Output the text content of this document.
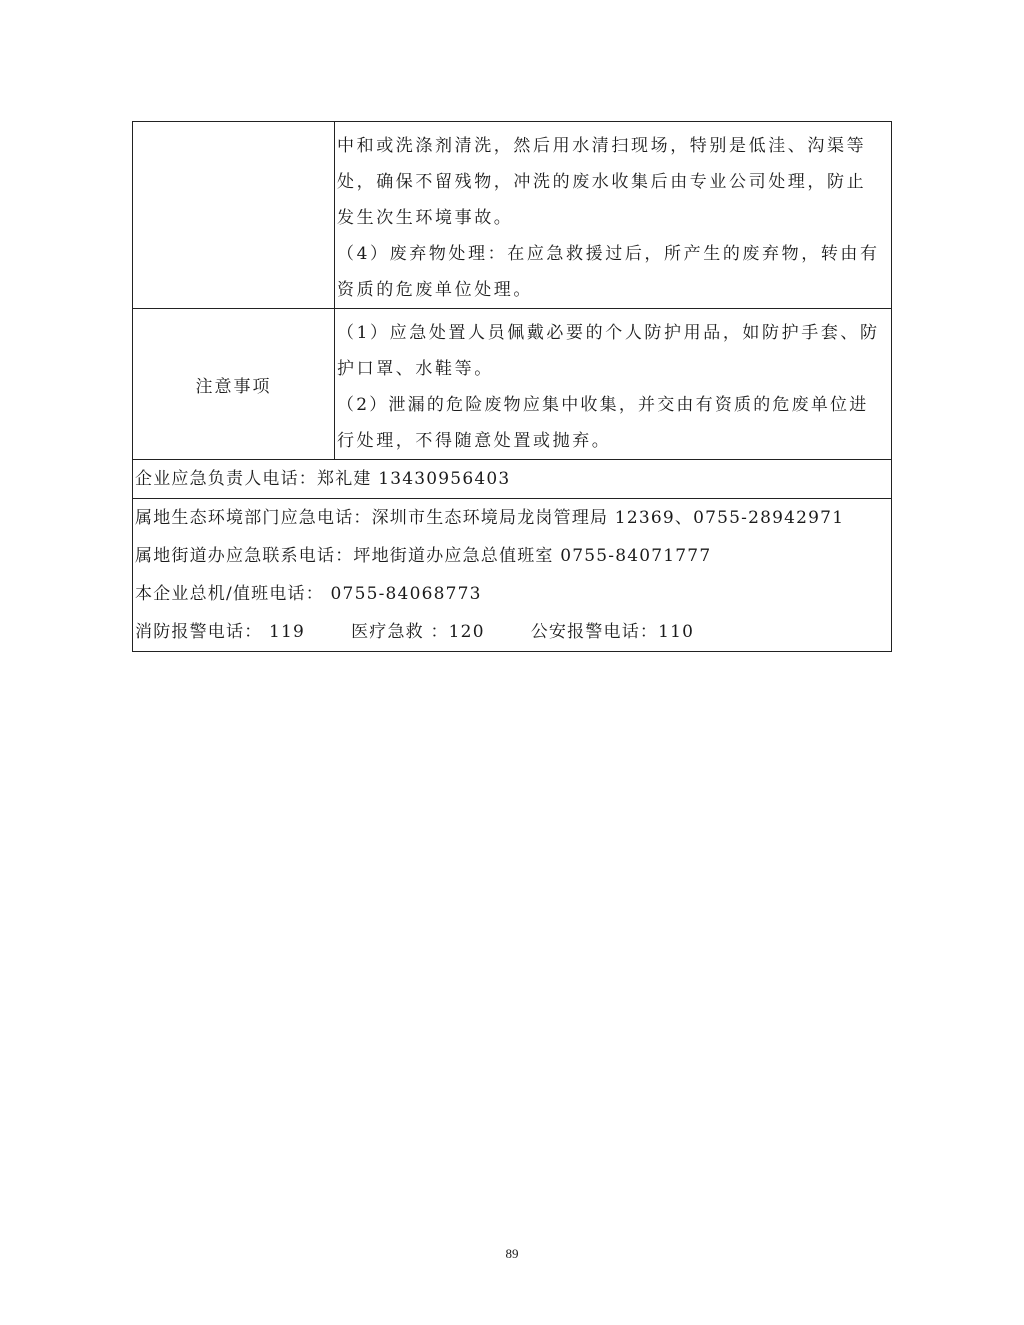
	中和或洗涤剂清洗，然后用水清扫现场，特别是低洼、沟渠等
处，确保不留残物，冲洗的废水收集后由专业公司处理，防止
发生次生环境事故。
（4）废弃物处理：在应急救援过后，所产生的废弃物，转由有
资质的危废单位处理。

注意事项	（1）应急处置人员佩戴必要的个人防护用品，如防护手套、防
护口罩、水鞋等。
（2）泄漏的危险废物应集中收集，并交由有资质的危废单位进
行处理，不得随意处置或抛弃。

企业应急负责人电话：郑礼建 13430956403	

属地生态环境部门应急电话：深圳市生态环境局龙岗管理局 12369、0755-28942971
属地街道办应急联系电话：坪地街道办应急总值班室 0755-84071777
本企业总机/值班电话： 0755-84068773
消防报警电话： 119 医疗急救 ：120 公安报警电话：110	
89
